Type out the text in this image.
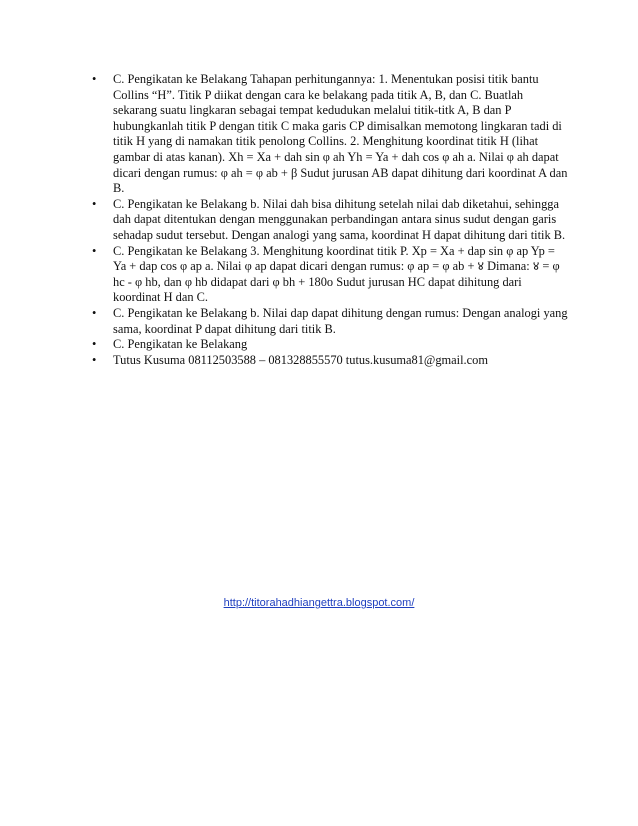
•	C. Pengikatan ke Belakang Tahapan perhitungannya: 1. Menentukan posisi titik bantu Collins “H”. Titik P diikat dengan cara ke belakang pada titik A, B, dan C. Buatlah sekarang suatu lingkaran sebagai tempat kedudukan melalui titik-titk A, B dan P hubungkanlah titik P dengan titik C maka garis CP dimisalkan memotong lingkaran tadi di titik H yang di namakan titik penolong Collins. 2. Menghitung koordinat titik H (lihat gambar di atas kanan). Xh = Xa + dah sin φ ah Yh = Ya + dah cos φ ah a. Nilai φ ah dapat dicari dengan rumus: φ ah = φ ab + β Sudut jurusan AB dapat dihitung dari koordinat A dan B.
•	C. Pengikatan ke Belakang b. Nilai dah bisa dihitung setelah nilai dab diketahui, sehingga dah dapat ditentukan dengan menggunakan perbandingan antara sinus sudut dengan garis sehadap sudut tersebut. Dengan analogi yang sama, koordinat H dapat dihitung dari titik B.
•	C. Pengikatan ke Belakang 3. Menghitung koordinat titik P. Xp = Xa + dap sin φ ap Yp = Ya + dap cos φ ap a. Nilai φ ap dapat dicari dengan rumus: φ ap = φ ab + ४ Dimana: ४ = φ hc - φ hb, dan φ hb didapat dari φ bh + 180o Sudut jurusan HC dapat dihitung dari koordinat H dan C.
•	C. Pengikatan ke Belakang b. Nilai dap dapat dihitung dengan rumus: Dengan analogi yang sama, koordinat P dapat dihitung dari titik B.
•	C. Pengikatan ke Belakang
•	Tutus Kusuma 08112503588 – 081328855570 tutus.kusuma81@gmail.com
http://titorahadhiangettra.blogspot.com/
